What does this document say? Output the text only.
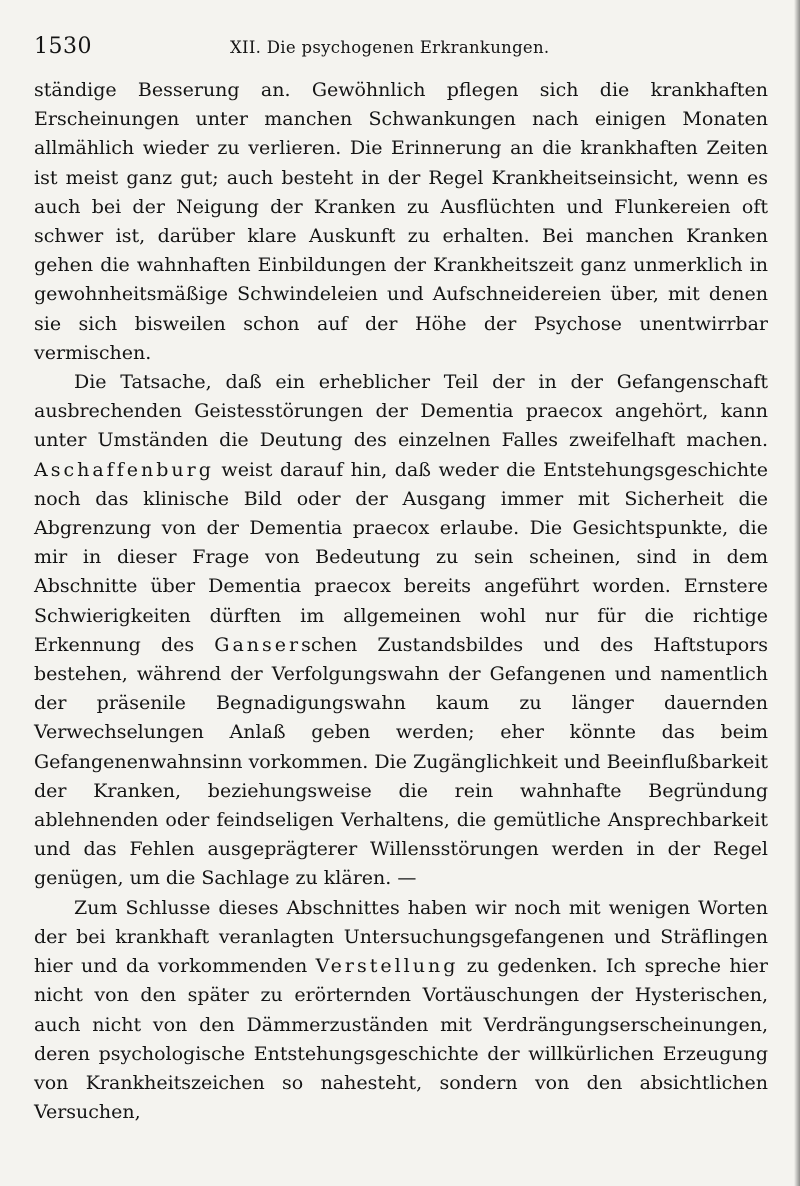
1530	XII. Die psychogenen Erkrankungen.

ständige Besserung an. Gewöhnlich pflegen sich die krankhaften Erscheinungen unter manchen Schwankungen nach einigen Monaten allmählich wieder zu verlieren. Die Erinnerung an die krankhaften Zeiten ist meist ganz gut; auch besteht in der Regel Krankheitseinsicht, wenn es auch bei der Neigung der Kranken zu Ausflüchten und Flunkereien oft schwer ist, darüber klare Auskunft zu erhalten. Bei manchen Kranken gehen die wahnhaften Einbildungen der Krankheitszeit ganz unmerklich in gewohnheitsmäßige Schwindeleien und Aufschneidereien über, mit denen sie sich bisweilen schon auf der Höhe der Psychose unentwirrbar vermischen.

Die Tatsache, daß ein erheblicher Teil der in der Gefangenschaft ausbrechenden Geistesstörungen der Dementia praecox angehört, kann unter Umständen die Deutung des einzelnen Falles zweifelhaft machen. Aschaffenburg weist darauf hin, daß weder die Entstehungsgeschichte noch das klinische Bild oder der Ausgang immer mit Sicherheit die Abgrenzung von der Dementia praecox erlaube. Die Gesichtspunkte, die mir in dieser Frage von Bedeutung zu sein scheinen, sind in dem Abschnitte über Dementia praecox bereits angeführt worden. Ernstere Schwierigkeiten dürften im allgemeinen wohl nur für die richtige Erkennung des Ganserschen Zustandsbildes und des Haftstupors bestehen, während der Verfolgungswahn der Gefangenen und namentlich der präsenile Begnadigungswahn kaum zu länger dauernden Verwechselungen Anlaß geben werden; eher könnte das beim Gefangenenwahnsinn vorkommen. Die Zugänglichkeit und Beeinflußbarkeit der Kranken, beziehungsweise die rein wahnhafte Begründung ablehnenden oder feindseligen Verhaltens, die gemütliche Ansprechbarkeit und das Fehlen ausgeprägterer Willensstörungen werden in der Regel genügen, um die Sachlage zu klären. —

Zum Schlusse dieses Abschnittes haben wir noch mit wenigen Worten der bei krankhaft veranlagten Untersuchungsgefangenen und Sträflingen hier und da vorkommenden Verstellung zu gedenken. Ich spreche hier nicht von den später zu erörternden Vortäuschungen der Hysterischen, auch nicht von den Dämmerzuständen mit Verdrängungserscheinungen, deren psychologische Entstehungsgeschichte der willkürlichen Erzeugung von Krankheitszeichen so nahesteht, sondern von den absichtlichen Versuchen,
